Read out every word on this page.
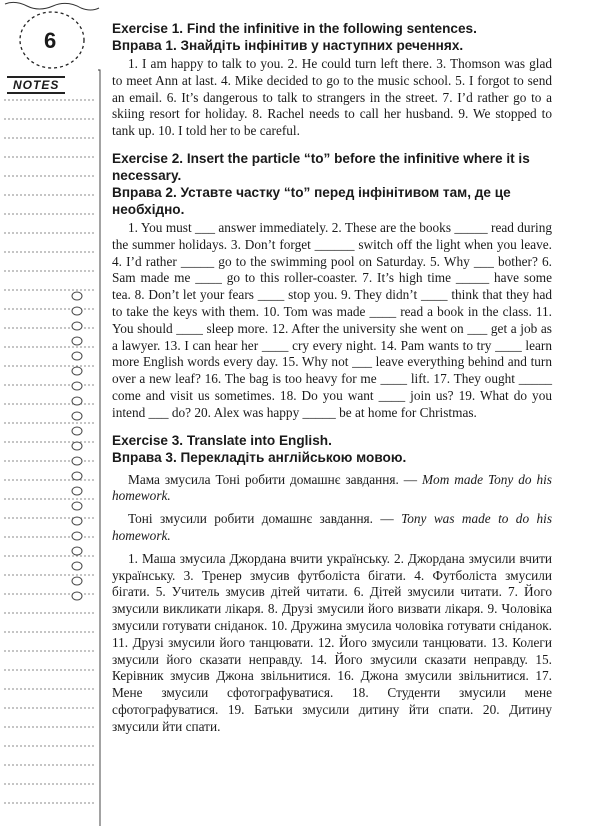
6
NOTES

Exercise 1. Find the infinitive in the following sentences.

Вправа 1. Знайдіть інфінітив у наступних реченнях.

1. I am happy to talk to you. 2. He could turn left there. 3. Thomson was glad to meet Ann at last. 4. Mike decided to go to the music school. 5. I forgot to send an email. 6. It’s dangerous to talk to strangers in the street. 7. I’d rather go to a skiing resort for holiday. 8. Rachel needs to call her husband. 9. We stopped to tank up. 10. I told her to be careful.

Exercise 2. Insert the particle “to” before the infinitive where it is necessary.

Вправа 2. Уставте частку “to” перед інфінітивом там, де це необхідно.

1. You must ___ answer immediately. 2. These are the books _____ read during the summer holidays. 3. Don’t forget ______ switch off the light when you leave. 4. I’d rather _____ go to the swimming pool on Saturday. 5. Why ___ bother? 6. Sam made me ____ go to this roller-coaster. 7. It’s high time _____ have some tea. 8. Don’t let your fears ____ stop you. 9. They didn’t ____ think that they had to take the keys with them. 10. Tom was made ____ read a book in the class. 11. You should ____ sleep more. 12. After the university she went on ___ get a job as a lawyer. 13. I can hear her ____ cry every night. 14. Pam wants to try ____ learn more English words every day. 15. Why not ___ leave everything behind and turn over a new leaf? 16. The bag is too heavy for me ____ lift. 17. They ought _____ come and visit us sometimes. 18. Do you want ____ join us? 19. What do you intend ___ do? 20. Alex was happy _____ be at home for Christmas.

Exercise 3. Translate into English.

Вправа 3. Перекладіть англійською мовою.

Мама змусила Тоні робити домашнє завдання. — Mom made Tony do his homework.

Тоні змусили робити домашнє завдання. — Tony was made to do his homework.

1. Маша змусила Джордана вчити українську. 2. Джордана змусили вчити українську. 3. Тренер змусив футболіста бігати. 4. Футболіста змусили бігати. 5. Учитель змусив дітей читати. 6. Дітей змусили читати. 7. Його змусили викликати лікаря. 8. Друзі змусили його визвати лікаря. 9. Чоловіка змусили готувати сніданок. 10. Дружина змусила чоловіка готувати сніданок. 11. Друзі змусили його танцювати. 12. Його змусили танцювати. 13. Колеги змусили його сказати неправду. 14. Його змусили сказати неправду. 15. Керівник змусив Джона звільнитися. 16. Джона змусили звільнитися. 17. Мене змусили сфотографуватися. 18. Студенти змусили мене сфотографуватися. 19. Батьки змусили дитину йти спати. 20. Дитину змусили йти спати.
